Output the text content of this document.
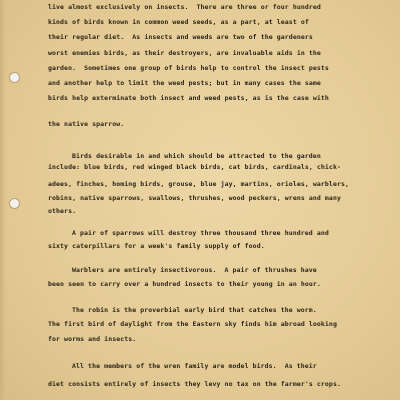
live almost exclusively on insects.  There are three or four hundred
kinds of birds known in common weed seeds, as a part, at least of
their regular diet.  As insects and weeds are two of the gardeners
worst enemies birds, as their destroyers, are invaluable aids in the
garden.  Sometimes one group of birds help to control the insect pests
and another help to limit the weed pests; but in many cases the same
birds help exterminate both insect and weed pests, as is the case with
the native sparrow.
Birds desirable in and which should be attracted to the garden
include: blue birds, red winged black birds, cat birds, cardinals, chick-
adees, finches, homing birds, grouse, blue jay, martins, orioles, warblers,
robins, native sparrows, swallows, thrushes, wood peckers, wrens and many
others.
A pair of sparrows will destroy three thousand three hundred and
sixty caterpillars for a week's family supply of food.
Warblers are entirely insectivorous.  A pair of thrushes have
been seen to carry over a hundred insects to their young in an hour.
The robin is the proverbial early bird that catches the worm.
The first bird of daylight from the Eastern sky finds him abroad looking
for worms and insects.
All the members of the wren family are model birds.  As their
diet consists entirely of insects they levy no tax on the farmer's crops.
